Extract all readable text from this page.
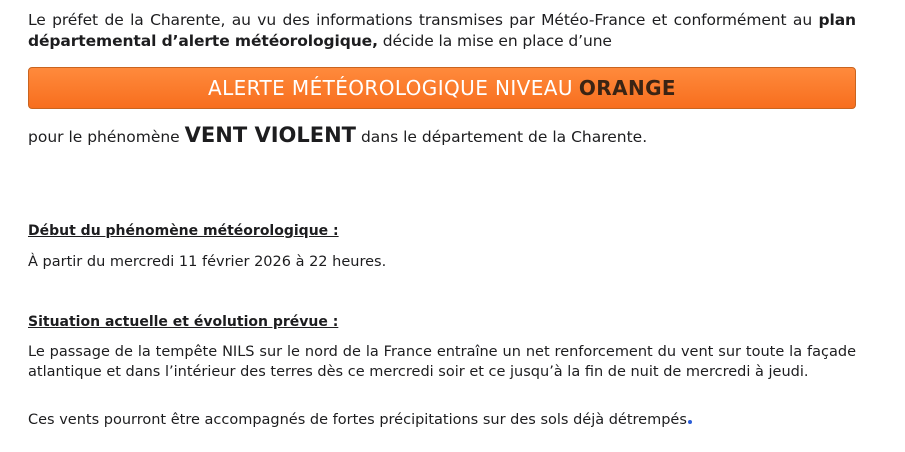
Le préfet de la Charente, au vu des informations transmises par Météo-France et conformément au plan départemental d’alerte météorologique, décide la mise en place d’une

ALERTE MÉTÉOROLOGIQUE NIVEAU ORANGE

pour le phénomène VENT VIOLENT dans le département de la Charente.

Début du phénomène météorologique :

À partir du mercredi 11 février 2026 à 22 heures.

Situation actuelle et évolution prévue :

Le passage de la tempête NILS sur le nord de la France entraîne un net renforcement du vent sur toute la façade atlantique et dans l’intérieur des terres dès ce mercredi soir et ce jusqu’à la fin de nuit de mercredi à jeudi.

Ces vents pourront être accompagnés de fortes précipitations sur des sols déjà détrempés
